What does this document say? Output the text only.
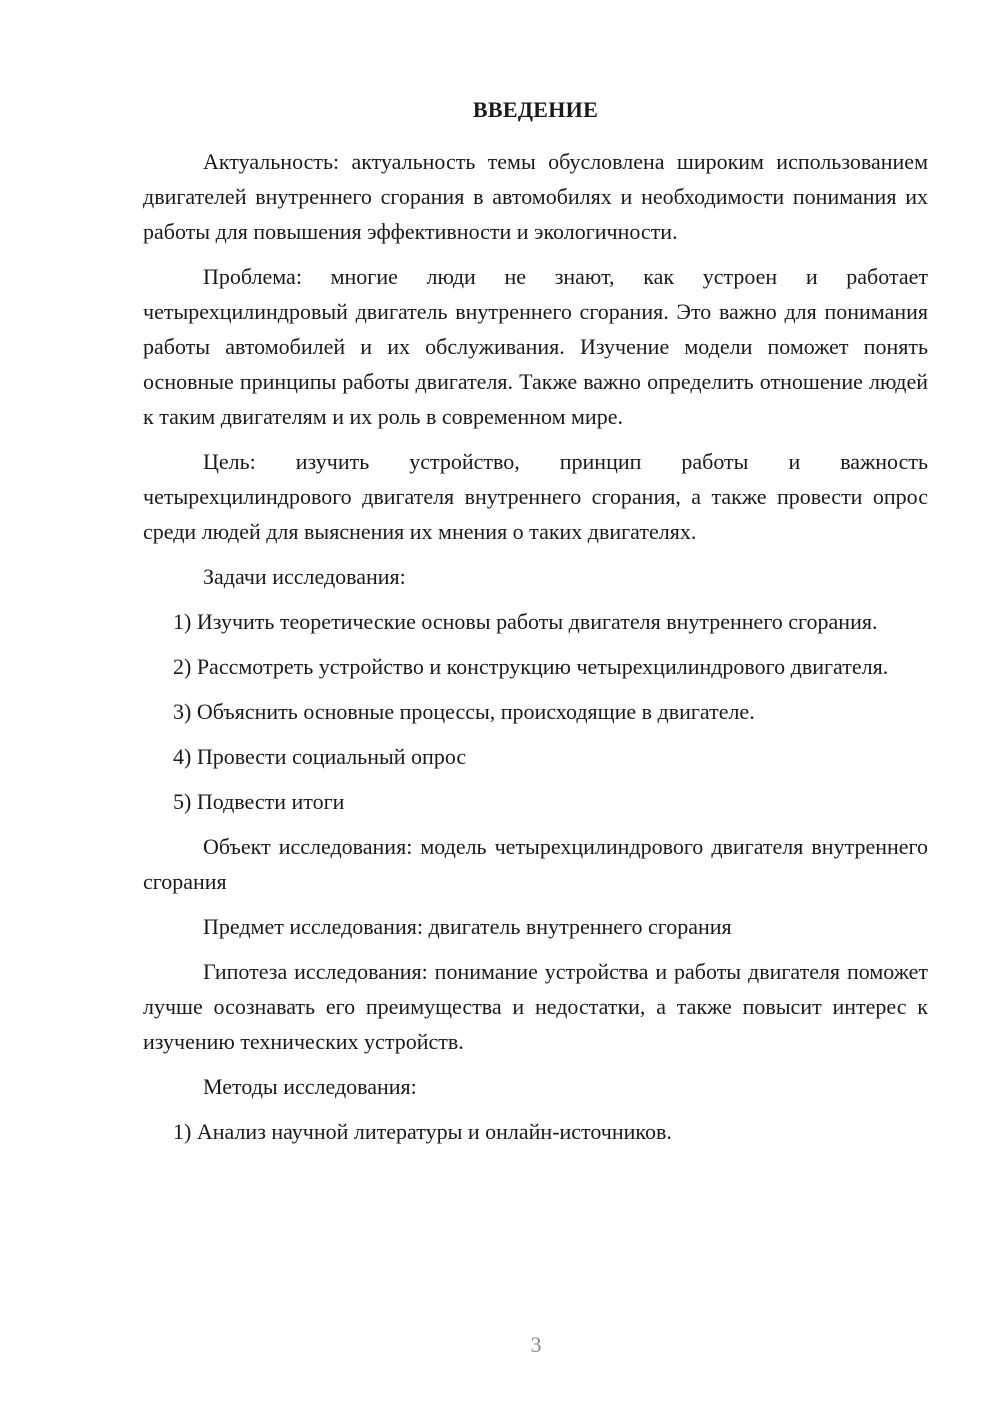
ВВЕДЕНИЕ

Актуальность: актуальность темы обусловлена широким использованием двигателей внутреннего сгорания в автомобилях и необходимости понимания их работы для повышения эффективности и экологичности.

Проблема: многие люди не знают, как устроен и работает четырехцилиндровый двигатель внутреннего сгорания. Это важно для понимания работы автомобилей и их обслуживания. Изучение модели поможет понять основные принципы работы двигателя. Также важно определить отношение людей к таким двигателям и их роль в современном мире.

Цель: изучить устройство, принцип работы и важность четырехцилиндрового двигателя внутреннего сгорания, а также провести опрос среди людей для выяснения их мнения о таких двигателях.

Задачи исследования:

1) Изучить теоретические основы работы двигателя внутреннего сгорания.

2) Рассмотреть устройство и конструкцию четырехцилиндрового двигателя.

3) Объяснить основные процессы, происходящие в двигателе.

4) Провести социальный опрос

5) Подвести итоги

Объект исследования: модель четырехцилиндрового двигателя внутреннего сгорания

Предмет исследования: двигатель внутреннего сгорания

Гипотеза исследования: понимание устройства и работы двигателя поможет лучше осознавать его преимущества и недостатки, а также повысит интерес к изучению технических устройств.

Методы исследования:

1) Анализ научной литературы и онлайн-источников.

3
